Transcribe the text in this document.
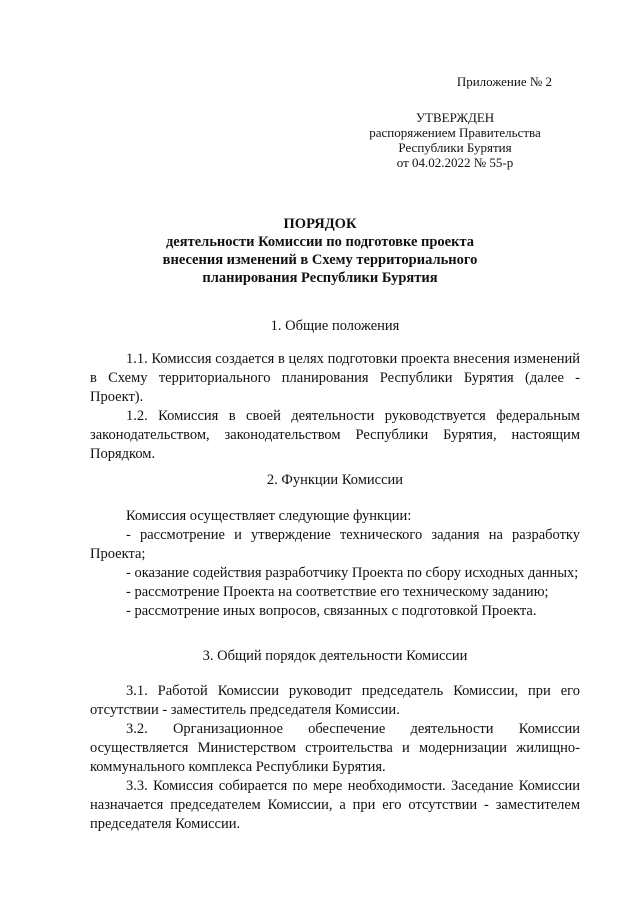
Приложение № 2
УТВЕРЖДЕН
распоряжением Правительства
Республики Бурятия
от 04.02.2022 № 55-р
ПОРЯДОК
деятельности Комиссии по подготовке проекта
внесения изменений в Схему территориального
планирования Республики Бурятия
1. Общие положения

1.1. Комиссия создается в целях подготовки проекта внесения изменений в Схему территориального планирования Республики Бурятия (далее - Проект).

1.2. Комиссия в своей деятельности руководствуется федеральным законодательством, законодательством Республики Бурятия, настоящим Порядком.

2. Функции Комиссии

Комиссия осуществляет следующие функции:

- рассмотрение и утверждение технического задания на разработку Проекта;

- оказание содействия разработчику Проекта по сбору исходных данных;

- рассмотрение Проекта на соответствие его техническому заданию;

- рассмотрение иных вопросов, связанных с подготовкой Проекта.

3. Общий порядок деятельности Комиссии

3.1. Работой Комиссии руководит председатель Комиссии, при его отсутствии - заместитель председателя Комиссии.

3.2. Организационное обеспечение деятельности Комиссии осуществляется Министерством строительства и модернизации жилищно-коммунального комплекса Республики Бурятия.

3.3. Комиссия собирается по мере необходимости. Заседание Комиссии назначается председателем Комиссии, а при его отсутствии - заместителем председателя Комиссии.
